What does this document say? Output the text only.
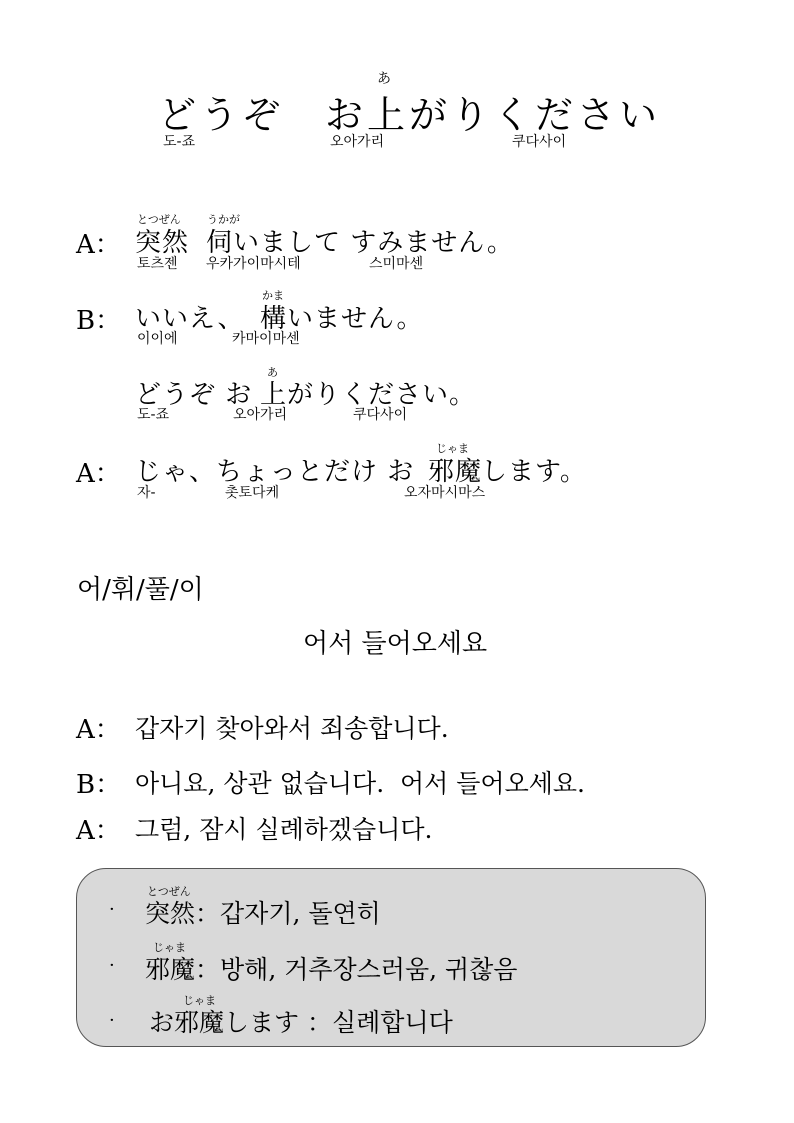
どうぞ お
あ
上がりください
도-죠	오아가리	쿠다사이
A：
とつぜん
突然
うかが
伺 いまして すみません。
토츠젠 우카가이마시테	스미마센
B： いいえ、
かま
構 いません。
이이에	카마이마센
どうぞ お
あ
上 がりください。
도-죠	오아가리	쿠다사이
A： じゃ、ちょっとだけ お
じゃま
邪魔
します。
자-	촛토다케	오자마시마스
어/휘/풀/이
어서 들어오세요
A： 갑자기 찾아와서 죄송합니다.
B： 아니요, 상관 없습니다.  어서 들어오세요.
A： 그럼, 잠시 실례하겠습니다.
·
とつぜん
突然：갑자기, 돌연히
·
じゃま
邪魔：방해, 거추장스러움, 귀찮음
·
じゃま
お邪魔します ：실례합니다
